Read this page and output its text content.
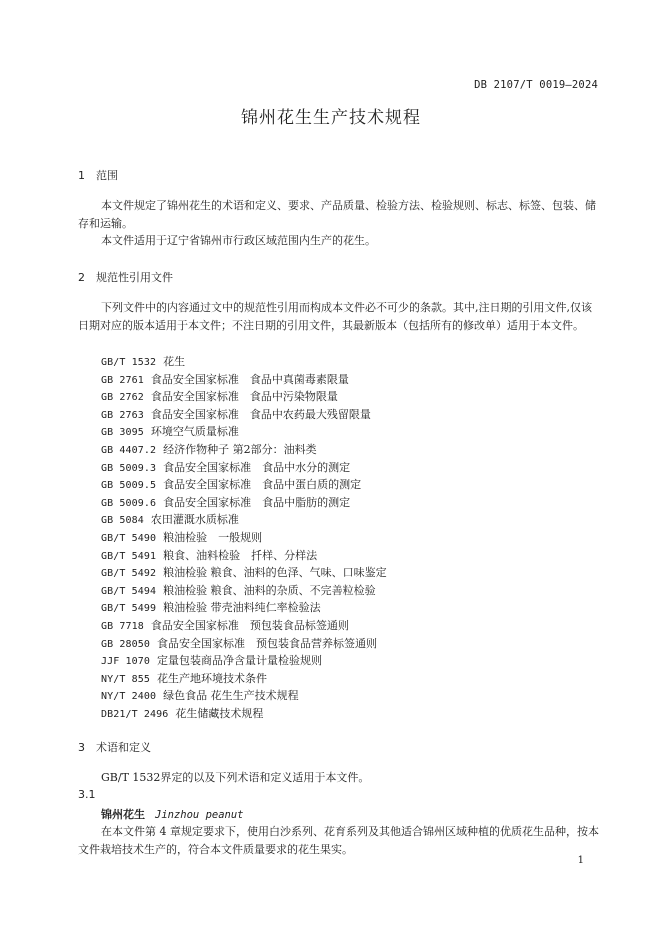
DB 2107/T 0019—2024
锦州花生生产技术规程
1 范围
本文件规定了锦州花生的术语和定义、要求、产品质量、检验方法、检验规则、标志、标签、包装、储存和运输。
本文件适用于辽宁省锦州市行政区域范围内生产的花生。
2 规范性引用文件
下列文件中的内容通过文中的规范性引用而构成本文件必不可少的条款。其中,注日期的引用文件,仅该日期对应的版本适用于本文件；不注日期的引用文件，其最新版本（包括所有的修改单）适用于本文件。
GB/T 1532 花生
GB 2761 食品安全国家标准　食品中真菌毒素限量
GB 2762 食品安全国家标准　食品中污染物限量
GB 2763 食品安全国家标准　食品中农药最大残留限量
GB 3095 环境空气质量标准
GB 4407.2 经济作物种子 第2部分：油料类
GB 5009.3 食品安全国家标准　食品中水分的测定
GB 5009.5 食品安全国家标准　食品中蛋白质的测定
GB 5009.6 食品安全国家标准　食品中脂肪的测定
GB 5084 农田灌溉水质标准
GB/T 5490 粮油检验　一般规则
GB/T 5491 粮食、油料检验　扦样、分样法
GB/T 5492 粮油检验 粮食、油料的色泽、气味、口味鉴定
GB/T 5494 粮油检验 粮食、油料的杂质、不完善粒检验
GB/T 5499 粮油检验 带壳油料纯仁率检验法
GB 7718 食品安全国家标准　预包装食品标签通则
GB 28050 食品安全国家标准　预包装食品营养标签通则
JJF 1070 定量包装商品净含量计量检验规则
NY/T 855 花生产地环境技术条件
NY/T 2400 绿色食品 花生生产技术规程
DB21/T 2496 花生储藏技术规程
3 术语和定义
GB/T 1532界定的以及下列术语和定义适用于本文件。
3.1
锦州花生 Jinzhou peanut
在本文件第 4 章规定要求下，使用白沙系列、花育系列及其他适合锦州区域种植的优质花生品种，按本文件栽培技术生产的，符合本文件质量要求的花生果实。
1
